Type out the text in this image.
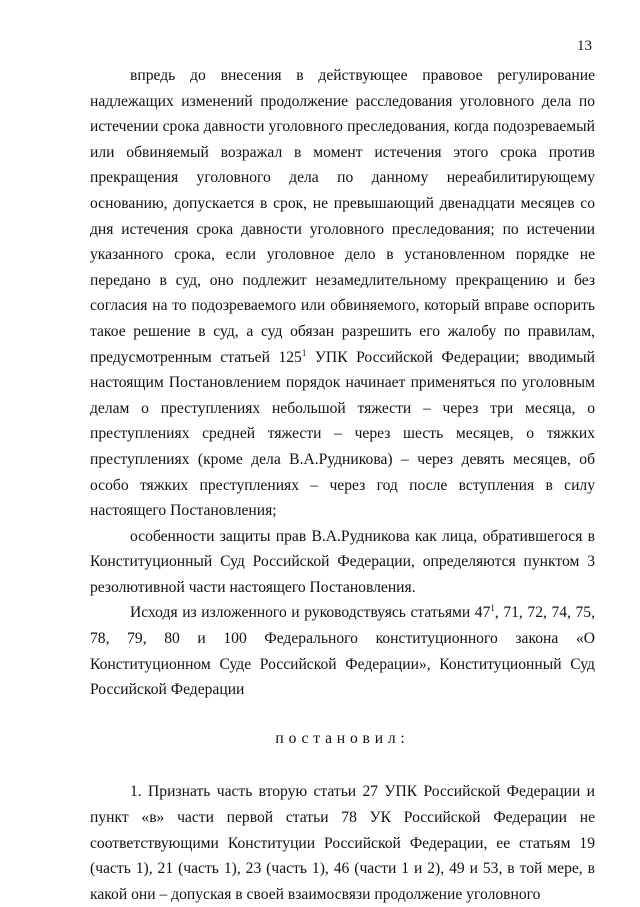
13

впредь до внесения в действующее правовое регулирование надлежащих изменений продолжение расследования уголовного дела по истечении срока давности уголовного преследования, когда подозреваемый или обвиняемый возражал в момент истечения этого срока против прекращения уголовного дела по данному нереабилитирующему основанию, допускается в срок, не превышающий двенадцати месяцев со дня истечения срока давности уголовного преследования; по истечении указанного срока, если уголовное дело в установленном порядке не передано в суд, оно подлежит незамедлительному прекращению и без согласия на то подозреваемого или обвиняемого, который вправе оспорить такое решение в суд, а суд обязан разрешить его жалобу по правилам, предусмотренным статьей $125^1$ УПК Российской Федерации; вводимый настоящим Постановлением порядок начинает применяться по уголовным делам о преступлениях небольшой тяжести – через три месяца, о преступлениях средней тяжести – через шесть месяцев, о тяжких преступлениях (кроме дела В.А.Рудникова) – через девять месяцев, об особо тяжких преступлениях – через год после вступления в силу настоящего Постановления;

особенности защиты прав В.А.Рудникова как лица, обратившегося в Конституционный Суд Российской Федерации, определяются пунктом 3 резолютивной части настоящего Постановления.

Исходя из изложенного и руководствуясь статьями $47^1$, 71, 72, 74, 75, 78, 79, 80 и 100 Федерального конституционного закона «О Конституционном Суде Российской Федерации», Конституционный Суд Российской Федерации

постановил:

1. Признать часть вторую статьи 27 УПК Российской Федерации и пункт «в» части первой статьи 78 УК Российской Федерации не соответствующими Конституции Российской Федерации, ее статьям 19 (часть 1), 21 (часть 1), 23 (часть 1), 46 (части 1 и 2), 49 и 53, в той мере, в какой они – допуская в своей взаимосвязи продолжение уголовного
